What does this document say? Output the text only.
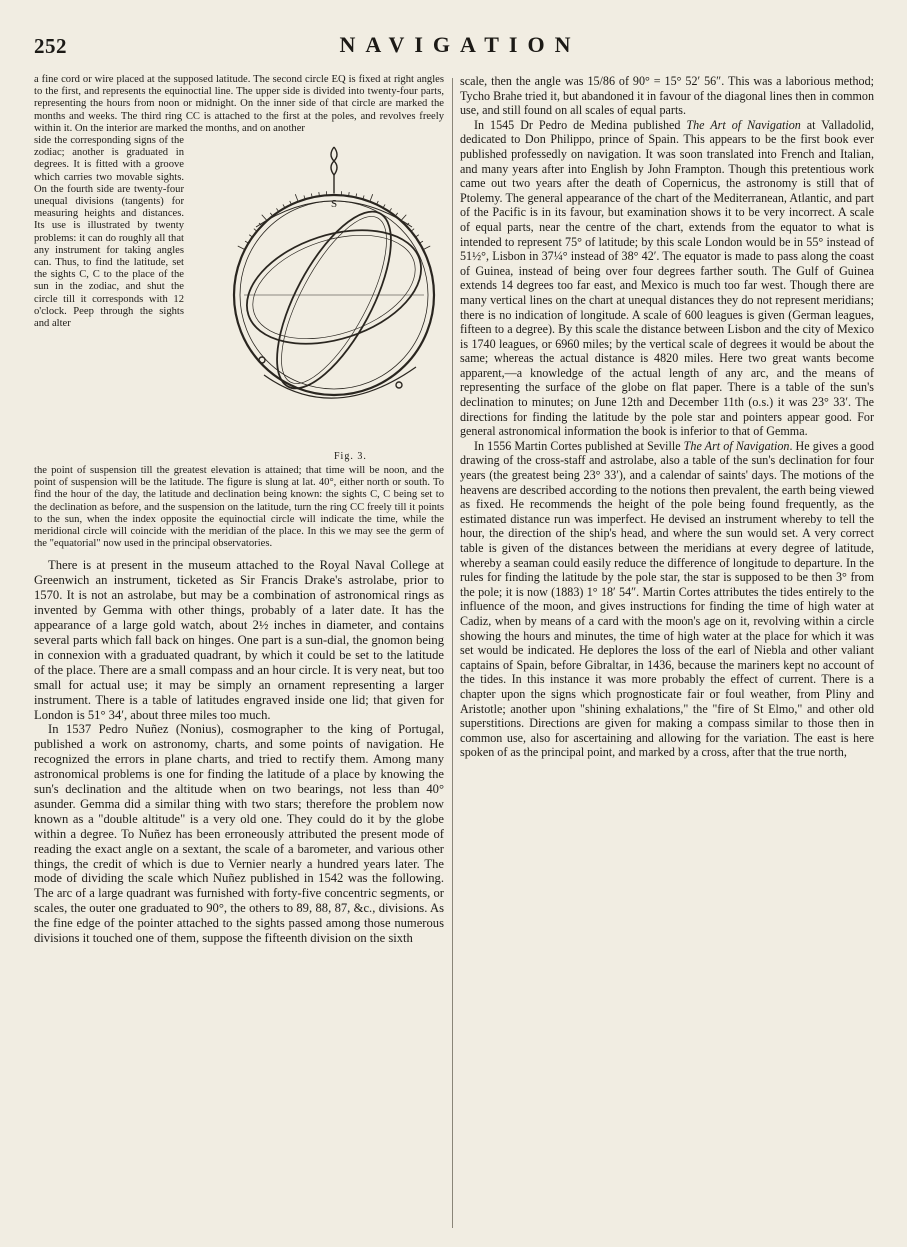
252	NAVIGATION

a fine cord or wire placed at the supposed latitude. The second circle EQ is fixed at right angles to the first, and represents the equinoctial line. The upper side is divided into twenty-four parts, representing the hours from noon or midnight. On the inner side of that circle are marked the months and weeks. The third ring CC is attached to the first at the poles, and revolves freely within it. On the interior are marked the months, and on another

side the corresponding signs of the zodiac; another is graduated in degrees. It is fitted with a groove which carries two movable sights. On the fourth side are twenty-four unequal divisions (tangents) for measuring heights and distances. Its use is illustrated by twenty problems: it can do roughly all that any instrument for taking angles can. Thus, to find the latitude, set the sights C, C to the place of the sun in the zodiac, and shut the circle till it corresponds with 12 o'clock. Peep through the sights and alter
S
Fig. 3.

the point of suspension till the greatest elevation is attained; that time will be noon, and the point of suspension will be the latitude. The figure is slung at lat. 40°, either north or south. To find the hour of the day, the latitude and declination being known: the sights C, C being set to the declination as before, and the suspension on the latitude, turn the ring CC freely till it points to the sun, when the index opposite the equinoctial circle will indicate the time, while the meridional circle will coincide with the meridian of the place. In this we may see the germ of the "equatorial" now used in the principal observatories.

There is at present in the museum attached to the Royal Naval College at Greenwich an instrument, ticketed as Sir Francis Drake's astrolabe, prior to 1570. It is not an astrolabe, but may be a combination of astronomical rings as invented by Gemma with other things, probably of a later date. It has the appearance of a large gold watch, about 2½ inches in diameter, and contains several parts which fall back on hinges. One part is a sun-dial, the gnomon being in connexion with a graduated quadrant, by which it could be set to the latitude of the place. There are a small compass and an hour circle. It is very neat, but too small for actual use; it may be simply an ornament representing a larger instrument. There is a table of latitudes engraved inside one lid; that given for London is 51° 34′, about three miles too much.

In 1537 Pedro Nuñez (Nonius), cosmographer to the king of Portugal, published a work on astronomy, charts, and some points of navigation. He recognized the errors in plane charts, and tried to rectify them. Among many astronomical problems is one for finding the latitude of a place by knowing the sun's declination and the altitude when on two bearings, not less than 40° asunder. Gemma did a similar thing with two stars; therefore the problem now known as a "double altitude" is a very old one. They could do it by the globe within a degree. To Nuñez has been erroneously attributed the present mode of reading the exact angle on a sextant, the scale of a barometer, and various other things, the credit of which is due to Vernier nearly a hundred years later. The mode of dividing the scale which Nuñez published in 1542 was the following. The arc of a large quadrant was furnished with forty-five concentric segments, or scales, the outer one graduated to 90°, the others to 89, 88, 87, &c., divisions. As the fine edge of the pointer attached to the sights passed among those numerous divisions it touched one of them, suppose the fifteenth division on the sixth

scale, then the angle was 15/86 of 90° = 15° 52′ 56″. This was a laborious method; Tycho Brahe tried it, but abandoned it in favour of the diagonal lines then in common use, and still found on all scales of equal parts.

In 1545 Dr Pedro de Medina published The Art of Navigation at Valladolid, dedicated to Don Philippo, prince of Spain. This appears to be the first book ever published professedly on navigation. It was soon translated into French and Italian, and many years after into English by John Frampton. Though this pretentious work came out two years after the death of Copernicus, the astronomy is still that of Ptolemy. The general appearance of the chart of the Mediterranean, Atlantic, and part of the Pacific is in its favour, but examination shows it to be very incorrect. A scale of equal parts, near the centre of the chart, extends from the equator to what is intended to represent 75° of latitude; by this scale London would be in 55° instead of 51½°, Lisbon in 37¼° instead of 38° 42′. The equator is made to pass along the coast of Guinea, instead of being over four degrees farther south. The Gulf of Guinea extends 14 degrees too far east, and Mexico is much too far west. Though there are many vertical lines on the chart at unequal distances they do not represent meridians; there is no indication of longitude. A scale of 600 leagues is given (German leagues, fifteen to a degree). By this scale the distance between Lisbon and the city of Mexico is 1740 leagues, or 6960 miles; by the vertical scale of degrees it would be about the same; whereas the actual distance is 4820 miles. Here two great wants become apparent,—a knowledge of the actual length of any arc, and the means of representing the surface of the globe on flat paper. There is a table of the sun's declination to minutes; on June 12th and December 11th (o.s.) it was 23° 33′. The directions for finding the latitude by the pole star and pointers appear good. For general astronomical information the book is inferior to that of Gemma.

In 1556 Martin Cortes published at Seville The Art of Navigation. He gives a good drawing of the cross-staff and astrolabe, also a table of the sun's declination for four years (the greatest being 23° 33′), and a calendar of saints' days. The motions of the heavens are described according to the notions then prevalent, the earth being viewed as fixed. He recommends the height of the pole being found frequently, as the estimated distance run was imperfect. He devised an instrument whereby to tell the hour, the direction of the ship's head, and where the sun would set. A very correct table is given of the distances between the meridians at every degree of latitude, whereby a seaman could easily reduce the difference of longitude to departure. In the rules for finding the latitude by the pole star, the star is supposed to be then 3° from the pole; it is now (1883) 1° 18′ 54″. Martin Cortes attributes the tides entirely to the influence of the moon, and gives instructions for finding the time of high water at Cadiz, when by means of a card with the moon's age on it, revolving within a circle showing the hours and minutes, the time of high water at the place for which it was set would be indicated. He deplores the loss of the earl of Niebla and other valiant captains of Spain, before Gibraltar, in 1436, because the mariners kept no account of the tides. In this instance it was more probably the effect of current. There is a chapter upon the signs which prognosticate fair or foul weather, from Pliny and Aristotle; another upon "shining exhalations," the "fire of St Elmo," and other old superstitions. Directions are given for making a compass similar to those then in common use, also for ascertaining and allowing for the variation. The east is here spoken of as the principal point, and marked by a cross, after that the true north,
